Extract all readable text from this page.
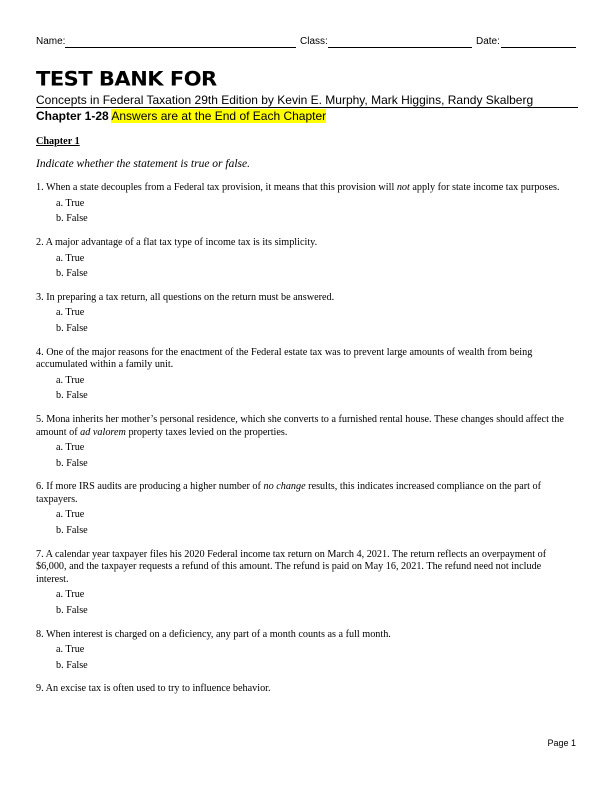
Name:	Class:	Date:
TEST BANK FOR
Concepts in Federal Taxation 29th Edition by Kevin E. Murphy, Mark Higgins, Randy Skalberg
Chapter 1-28 Answers are at the End of Each Chapter

Chapter 1

Indicate whether the statement is true or false.

1. When a state decouples from a Federal tax provision, it means that this provision will not apply for state income tax purposes.

a. True
b. False

2. A major advantage of a flat tax type of income tax is its simplicity.

a. True
b. False

3. In preparing a tax return, all questions on the return must be answered.

a. True
b. False

4. One of the major reasons for the enactment of the Federal estate tax was to prevent large amounts of wealth from being accumulated within a family unit.

a. True
b. False

5. Mona inherits her mother’s personal residence, which she converts to a furnished rental house. These changes should affect the amount of ad valorem property taxes levied on the properties.

a. True
b. False

6. If more IRS audits are producing a higher number of no change results, this indicates increased compliance on the part of taxpayers.

a. True
b. False

7. A calendar year taxpayer files his 2020 Federal income tax return on March 4, 2021. The return reflects an overpayment of $6,000, and the taxpayer requests a refund of this amount. The refund is paid on May 16, 2021. The refund need not include interest.

a. True
b. False

8. When interest is charged on a deficiency, any part of a month counts as a full month.

a. True
b. False

9. An excise tax is often used to try to influence behavior.

Page 1
